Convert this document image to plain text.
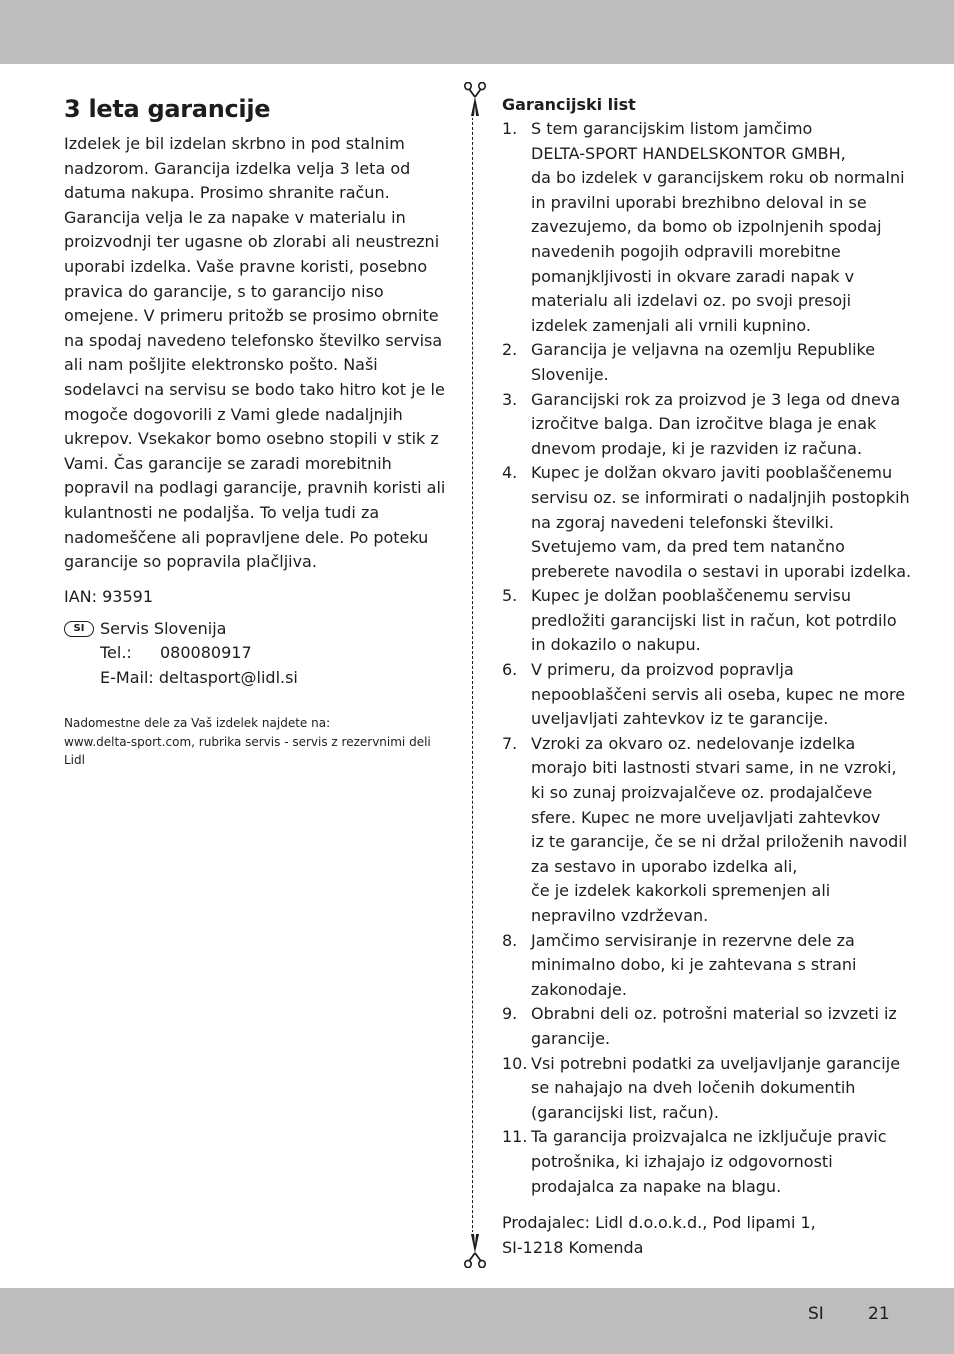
3 leta garancije

Izdelek je bil izdelan skrbno in pod stalnim nadzorom. Garancija izdelka velja 3 leta od datuma nakupa. Prosimo shranite račun. Garancija velja le za napake v materialu in proizvodnji ter ugasne ob zlorabi ali neustrezni uporabi izdelka. Vaše pravne koristi, posebno pravica do garancije, s to garancijo niso omejene. V primeru pritožb se prosimo obrnite na spodaj navedeno telefonsko številko servisa ali nam pošljite elektronsko pošto. Naši sodelavci na servisu se bodo tako hitro kot je le mogoče dogovorili z Vami glede nadaljnjih ukrepov. Vsekakor bomo osebno stopili v stik z Vami. Čas garancije se zaradi morebitnih popravil na podlagi garancije, pravnih koristi ali kulantnosti ne podaljša. To velja tudi za nadomeščene ali popravljene dele. Po poteku garancije so popravila plačljiva.

IAN: 93591
SI Servis Slovenija
Tel.: 080080917
E-Mail: deltasport@lidl.si
Nadomestne dele za Vaš izdelek najdete na:
www.delta-sport.com, rubrika servis - servis z rezervnimi deli Lidl
Garancijski list
1. S tem garancijskim listom jamčimo
DELTA-SPORT HANDELSKONTOR GMBH,
da bo izdelek v garancijskem roku ob normalni in pravilni uporabi brezhibno deloval in se zavezujemo, da bomo ob izpolnjenih spodaj navedenih pogojih odpravili morebitne pomanjkljivosti in okvare zaradi napak v materialu ali izdelavi oz. po svoji presoji izdelek zamenjali ali vrnili kupnino.
2. Garancija je veljavna na ozemlju Republike Slovenije.
3. Garancijski rok za proizvod je 3 lega od dneva izročitve balga. Dan izročitve blaga je enak dnevom prodaje, ki je razviden iz računa.
4. Kupec je dolžan okvaro javiti pooblaščenemu servisu oz. se informirati o nadaljnjih postopkih na zgoraj navedeni telefonski številki.
Svetujemo vam, da pred tem natančno preberete navodila o sestavi in uporabi izdelka.
5. Kupec je dolžan pooblaščenemu servisu predložiti garancijski list in račun, kot potrdilo in dokazilo o nakupu.
6. V primeru, da proizvod popravlja nepooblaščeni servis ali oseba, kupec ne more uveljavljati zahtevkov iz te garancije.
7. Vzroki za okvaro oz. nedelovanje izdelka morajo biti lastnosti stvari same, in ne vzroki,
ki so zunaj proizvajalčeve oz. prodajalčeve sfere. Kupec ne more uveljavljati zahtevkov
iz te garancije, če se ni držal priloženih navodil za sestavo in uporabo izdelka ali,
če je izdelek kakorkoli spremenjen ali nepravilno vzdrževan.
8. Jamčimo servisiranje in rezervne dele za minimalno dobo, ki je zahtevana s strani zakonodaje.
9. Obrabni deli oz. potrošni material so izvzeti iz garancije.
10. Vsi potrebni podatki za uveljavljanje garancije se nahajajo na dveh ločenih dokumentih (garancijski list, račun).
11. Ta garancija proizvajalca ne izključuje pravic potrošnika, ki izhajajo iz odgovornosti prodajalca za napake na blagu.
Prodajalec: Lidl d.o.o.k.d., Pod lipami 1,
SI-1218 Komenda
SI	21
